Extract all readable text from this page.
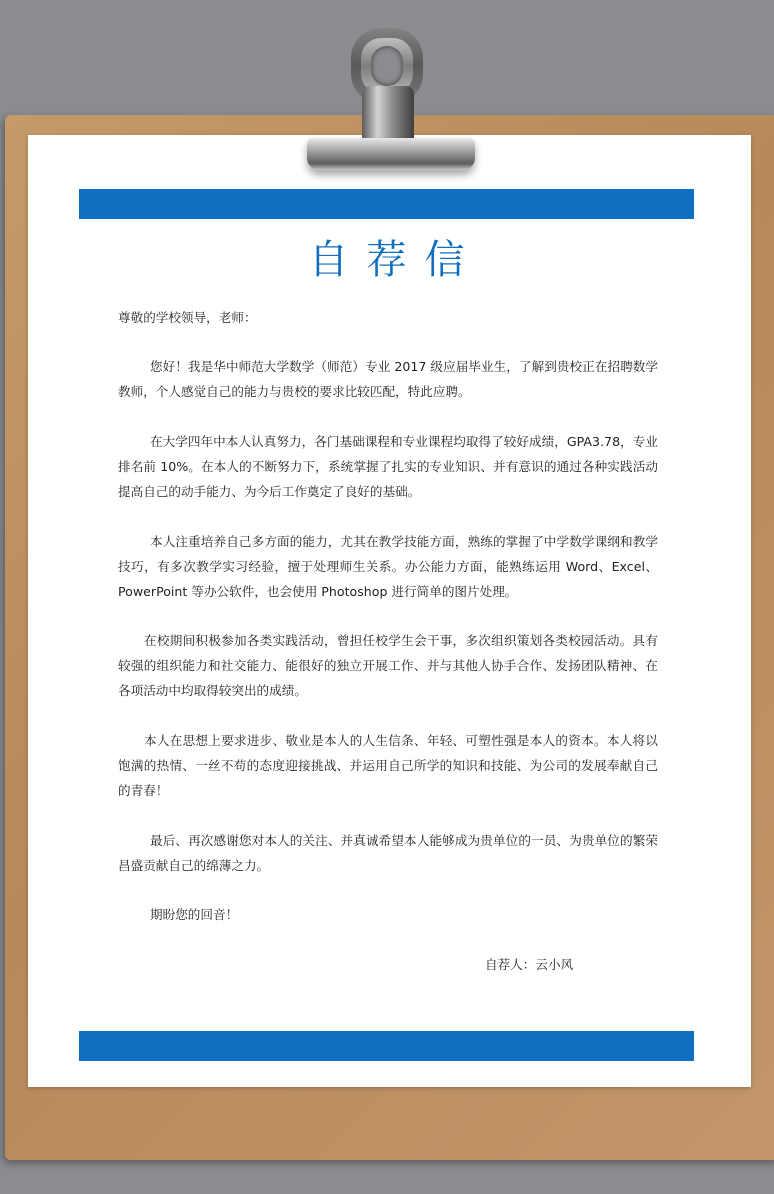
自荐信

尊敬的学校领导，老师：

您好！我是华中师范大学数学（师范）专业 2017 级应届毕业生，了解到贵校正在招聘数学教师，个人感觉自己的能力与贵校的要求比较匹配，特此应聘。

在大学四年中本人认真努力，各门基础课程和专业课程均取得了较好成绩，GPA3.78，专业排名前 10%。在本人的不断努力下，系统掌握了扎实的专业知识、并有意识的通过各种实践活动提高自己的动手能力、为今后工作奠定了良好的基础。

本人注重培养自己多方面的能力，尤其在教学技能方面，熟练的掌握了中学数学课纲和教学技巧，有多次教学实习经验，擅于处理师生关系。办公能力方面，能熟练运用 Word、Excel、PowerPoint 等办公软件，也会使用 Photoshop 进行简单的图片处理。

在校期间积极参加各类实践活动，曾担任校学生会干事，多次组织策划各类校园活动。具有较强的组织能力和社交能力、能很好的独立开展工作、并与其他人协手合作、发扬团队精神、在各项活动中均取得较突出的成绩。

本人在思想上要求进步、敬业是本人的人生信条、年轻、可塑性强是本人的资本。本人将以饱满的热情、一丝不苟的态度迎接挑战、并运用自己所学的知识和技能、为公司的发展奉献自己的青春！

最后、再次感谢您对本人的关注、并真诚希望本人能够成为贵单位的一员、为贵单位的繁荣昌盛贡献自己的绵薄之力。

期盼您的回音！

自荐人：云小风
